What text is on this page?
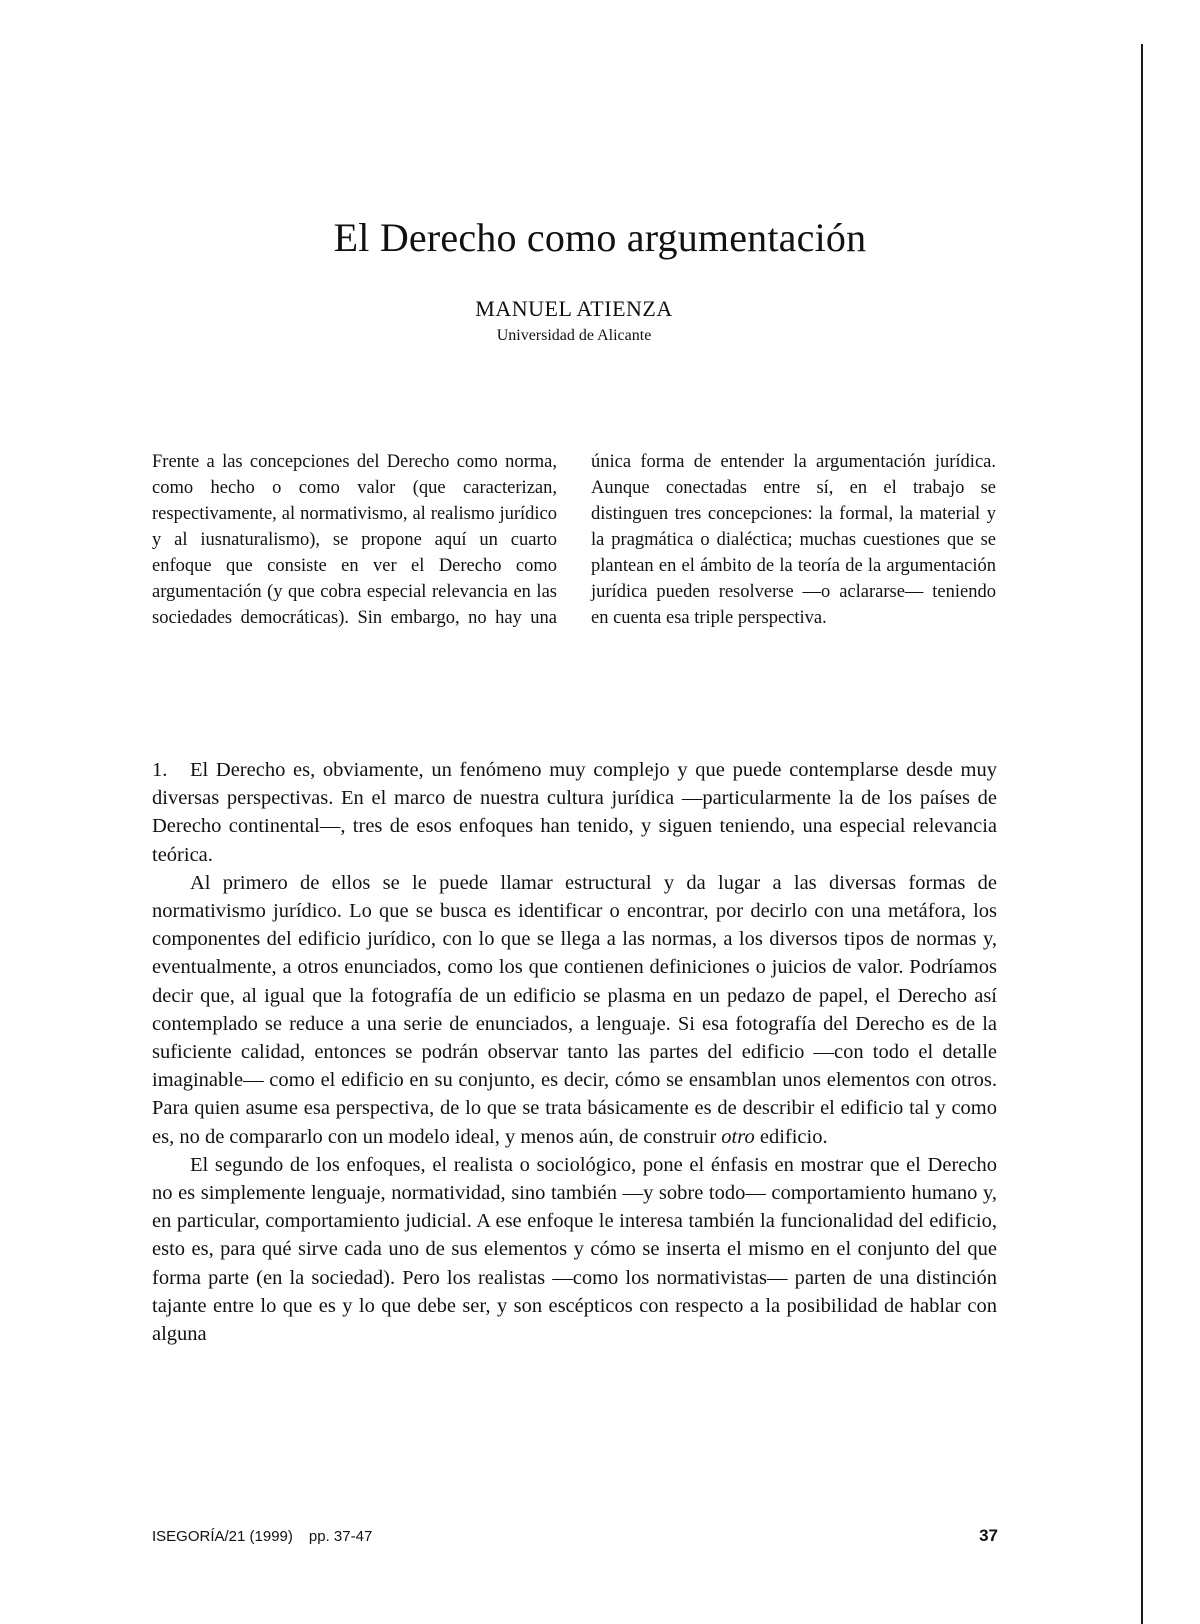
El Derecho como argumentación

MANUEL ATIENZA

Universidad de Alicante

Frente a las concepciones del Derecho como norma, como hecho o como valor (que caracterizan, respectivamente, al normativismo, al realismo jurídico y al iusnaturalismo), se propone aquí un cuarto enfoque que consiste en ver el Derecho como argumentación (y que cobra especial relevancia en las sociedades democráticas). Sin embargo, no hay una única forma de entender la argumentación jurídica. Aunque conectadas entre sí, en el trabajo se distinguen tres concepciones: la formal, la material y la pragmática o dialéctica; muchas cuestiones que se plantean en el ámbito de la teoría de la argumentación jurídica pueden resolverse —o aclararse— teniendo en cuenta esa triple perspectiva.

1. El Derecho es, obviamente, un fenómeno muy complejo y que puede contemplarse desde muy diversas perspectivas. En el marco de nuestra cultura jurídica —particularmente la de los países de Derecho continental—, tres de esos enfoques han tenido, y siguen teniendo, una especial relevancia teórica.

Al primero de ellos se le puede llamar estructural y da lugar a las diversas formas de normativismo jurídico. Lo que se busca es identificar o encontrar, por decirlo con una metáfora, los componentes del edificio jurídico, con lo que se llega a las normas, a los diversos tipos de normas y, eventualmente, a otros enunciados, como los que contienen definiciones o juicios de valor. Podríamos decir que, al igual que la fotografía de un edificio se plasma en un pedazo de papel, el Derecho así contemplado se reduce a una serie de enunciados, a lenguaje. Si esa fotografía del Derecho es de la suficiente calidad, entonces se podrán observar tanto las partes del edificio —con todo el detalle imaginable— como el edificio en su conjunto, es decir, cómo se ensamblan unos elementos con otros. Para quien asume esa perspectiva, de lo que se trata básicamente es de describir el edificio tal y como es, no de compararlo con un modelo ideal, y menos aún, de construir otro edificio.

El segundo de los enfoques, el realista o sociológico, pone el énfasis en mostrar que el Derecho no es simplemente lenguaje, normatividad, sino también —y sobre todo— comportamiento humano y, en particular, comportamiento judicial. A ese enfoque le interesa también la funcionalidad del edificio, esto es, para qué sirve cada uno de sus elementos y cómo se inserta el mismo en el conjunto del que forma parte (en la sociedad). Pero los realistas —como los normativistas— parten de una distinción tajante entre lo que es y lo que debe ser, y son escépticos con respecto a la posibilidad de hablar con alguna

ISEGORÍA/21 (1999) pp. 37-47	37
